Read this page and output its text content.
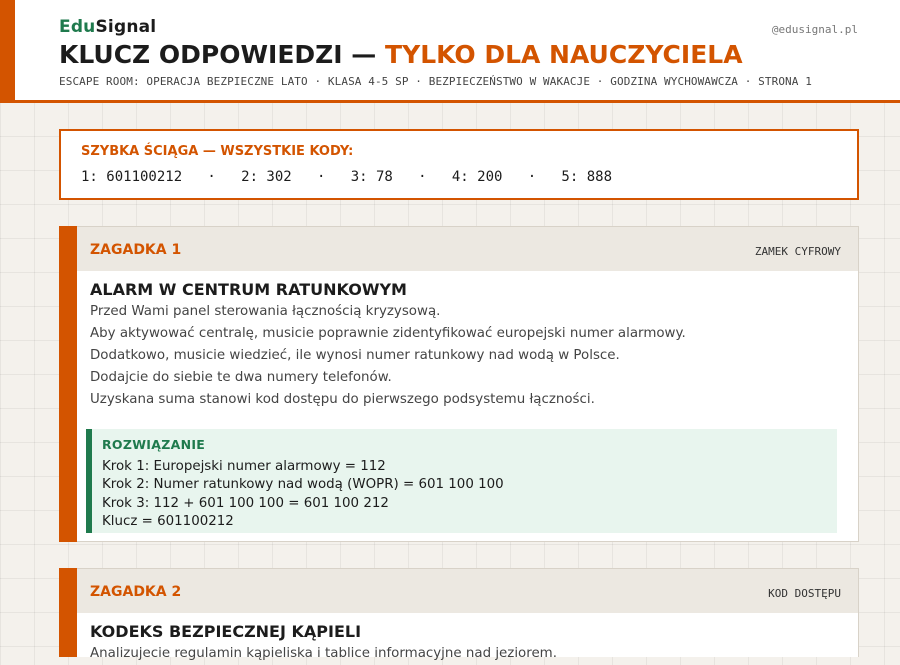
EduSignal	@edusignal.pl
KLUCZ ODPOWIEDZI — TYLKO DLA NAUCZYCIELA
ESCAPE ROOM: OPERACJA BEZPIECZNE LATO · KLASA 4-5 SP · BEZPIECZEŃSTWO W WAKACJE · GODZINA WYCHOWAWCZA · STRONA 1
SZYBKA ŚCIĄGA — WSZYSTKIE KODY:
1: 601100212   ·   2: 302   ·   3: 78   ·   4: 200   ·   5: 888
ZAGADKA 1	ZAMEK CYFROWY
ALARM W CENTRUM RATUNKOWYM

Przed Wami panel sterowania łącznością kryzysową.

Aby aktywować centralę, musicie poprawnie zidentyfikować europejski numer alarmowy.

Dodatkowo, musicie wiedzieć, ile wynosi numer ratunkowy nad wodą w Polsce.

Dodajcie do siebie te dwa numery telefonów.

Uzyskana suma stanowi kod dostępu do pierwszego podsystemu łączności.

ROZWIĄZANIE

Krok 1: Europejski numer alarmowy = 112

Krok 2: Numer ratunkowy nad wodą (WOPR) = 601 100 100

Krok 3: 112 + 601 100 100 = 601 100 212

Klucz = 601100212

ZAGADKA 2	KOD DOSTĘPU
KODEKS BEZPIECZNEJ KĄPIELI

Analizujecie regulamin kąpieliska i tablice informacyjne nad jeziorem.
